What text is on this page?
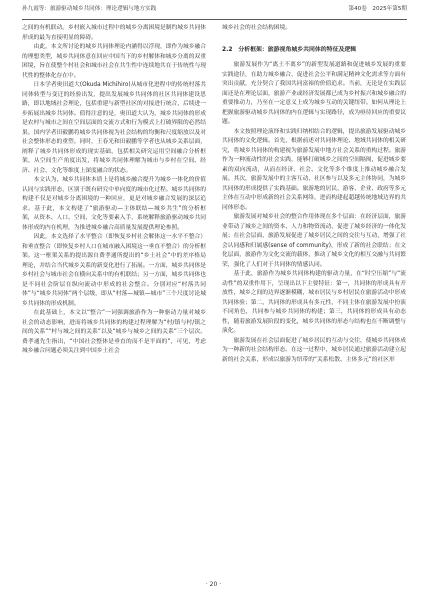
孙九霞等：旅游驱动城乡共同体：理论逻辑与地方实践	第40卷　2025年第5期

之间的有机联动。乡村嵌入城市过程中的城乡分离困境是制约城乡共同体形成的最为直接明显的障碍。

由此，本文所讨论的城乡共同体理论内涵得以浮现，即作为城乡融合的理想类型，城乡共同体意在回应中国当下的乡村解体和城乡分离的双重困境，旨在使整个村社会和城市社会在共生性中连续地共在于传统性与现代性的整体化存在中。

日本学者奥田道大(Okuda Michihiro)从城市化进程中的传统村落共同体转型与变迁的经验出发，提出发展城乡共同体的社区共同体建设思路，即以地域社会理论，包括重建与新型社区的对接进行统合，后续进一步拓展出城乡共同体。值得注意的是，奥田道大认为，城乡共同体的形成是农村与城市之间在空间层面的交流方式和行为模式上打破界限的必然结果。国内学者田毅鹏将城乡共同体视为社会结构的均衡和尺度缩放以及对社会整体形态的重塑。同时，王春光和田毅鹏等学者也从城乡关系层面，阐释了城乡共同体形成的现实基础，包括相关研究运用空间融合分析框架，从空间生产角度出发，将城乡共同体理解为城市与乡村在空间、经济、社会、文化等维度上深度融合的状态。

本文认为，城乡共同体本质上是将城乡融合提升为城乡一体化的价值认同与实践形态，区别于既有研究中单向度的城市化过程。城乡共同体的构建不仅是对城乡分离困境的一种回应，更是对城乡融合发展的深层追求。基于此，本文构建了“旅游驱动—主体联结—城乡共生”的分析框架，从资本、人口、空间、文化等要素入手，系统解释旅游驱动城乡共同体形成的内在机理，为推进城乡融合高质量发展提供理论参照。

因此，本文选择了水平整合（即恢复乡村社会解体这一水平不整合）和垂直整合（即恢复乡村人口在城市融入困境这一垂直不整合）的分析框架。这一框架关系的提出源自费孝通所提出的“乡土社会”中的差序格局理论，并结合当代城乡关系的新变化进行了拓展。一方面，城乡共同体是乡村社会与城市社会在横向关系中的有机联结；另一方面，城乡共同体也是不同社会阶层在纵向流动中形成的社会整合。分别对应“村落共同体”与“城乡共同体”两个层级，即从“村落—城镇—城市”三个尺度讨论城乡共同体的形成机制。

在此基础上，本文以“整合”一词强调旅游作为一种驱动力量对城乡社会的动态影响，进而将城乡共同体的构建过程理解为“村/镇与村/镇之间的关系”“村与城之间的关系”以及“城乡与城乡之间的关系”三个层次。费孝通先生指出，“中国社会整体是垂直的而不是平面的”，可见，考虑城乡融合问题必须关注到中国乡土社会

城乡社会的社会结构困境。

2.2　分析框架：旅游视角城乡共同体的特征及逻辑

旅游发展作为“离土不离乡”的新型发展道路和促进城乡发展的重要实践途径，在助力城乡融合、促进社会公平和满足精神文化需求等方面有突出贡献，充分契合了我国共同富裕的价值追求。当前，无论是在实践层面还是在理论层面，旅游产业或经济发展都已成为乡村振兴和城乡融合的重要推动力，乃至在一定意义上成为城乡互动的关键纽带。如何从理论上把握旅游驱动城乡共同体的内在逻辑与实现路径，成为亟待回应的重要议题。

本文按照理论演绎和实践归纳相结合的逻辑，提出旅游发展驱动城乡共同体的文化逻辑。首先，根据前述对共同体理论、地域共同体的相关研究，将城乡共同体的构建视为旅游发展中地方社会关系的重构过程。旅游作为一种流动性的社会实践，能够打破城乡之间的空间隔阂，促进城乡要素的双向流动，从而在经济、社会、文化等多个维度上推动城乡融合发展。其次，旅游发展中的主客互动、社区参与以及多元主体协同，为城乡共同体的形成提供了实践基础。旅游地的居民、游客、企业、政府等多元主体在互动中形成新的社会关系网络，进而构建起超越传统地域边界的共同体形态。

旅游发展对城乡社会的整合作用体现在多个层面：在经济层面，旅游业带动了城乡之间的资本、人力和物资流动，促进了城乡经济的一体化发展；在社会层面，旅游发展促进了城乡居民之间的交往与互动，增强了社会认同感和归属感(sense of community)，形成了新的社会联结；在文化层面，旅游作为文化交流的载体，推动了城乡文化的相互交融与共同繁荣，强化了人们对于共同体的情感认同。

基于此，旅游作为城乡共同体构建的驱动力量，在“时空压缩”与“流动性”的双重作用下，呈现出以下主要特征：第一，共同体的形成具有开放性，城乡之间的边界逐渐模糊，城市居民与乡村居民在旅游活动中形成共同体验；第二，共同体的形成具有多元性，不同主体在旅游发展中扮演不同角色，共同参与城乡共同体的构建；第三，共同体的形成具有动态性，随着旅游发展阶段的变化，城乡共同体的形态与结构也在不断调整与演化。

旅游发展在社会层面促进了城乡居民的互动与交往，使城乡共同体成为一种新的社会结构形态。在这一过程中，城乡居民通过旅游活动建立起新的社会关系，形成以旅游为纽带的“关系松散、主体多元”的社区形

· 20 ·
